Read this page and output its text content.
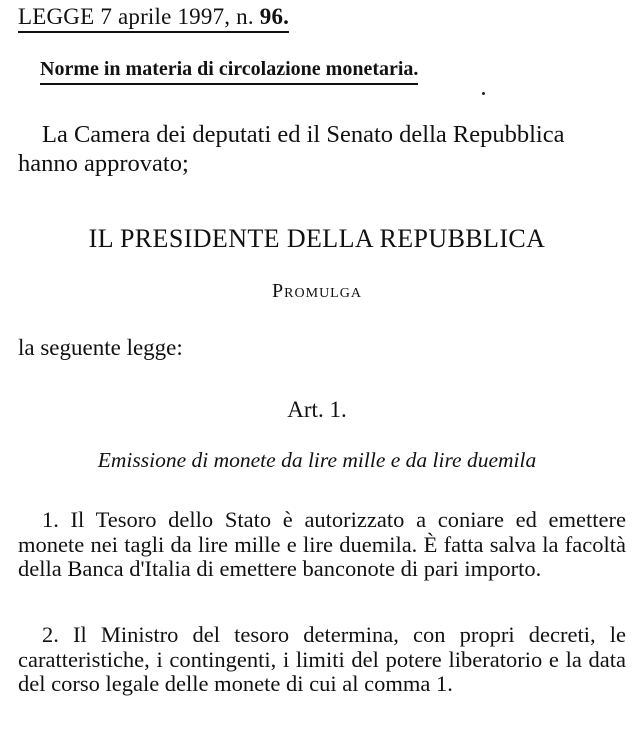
LEGGE 7 aprile 1997, n. 96.
Norme in materia di circolazione monetaria.

La Camera dei deputati ed il Senato della Repubblica hanno approvato;

IL PRESIDENTE DELLA REPUBBLICA
Promulga
la seguente legge:
Art. 1.
Emissione di monete da lire mille e da lire duemila

1. Il Tesoro dello Stato è autorizzato a coniare ed emettere monete nei tagli da lire mille e lire duemila. È fatta salva la facoltà della Banca d'Italia di emettere banconote di pari importo.

2. Il Ministro del tesoro determina, con propri decreti, le caratteristiche, i contingenti, i limiti del potere liberatorio e la data del corso legale delle monete di cui al comma 1.
